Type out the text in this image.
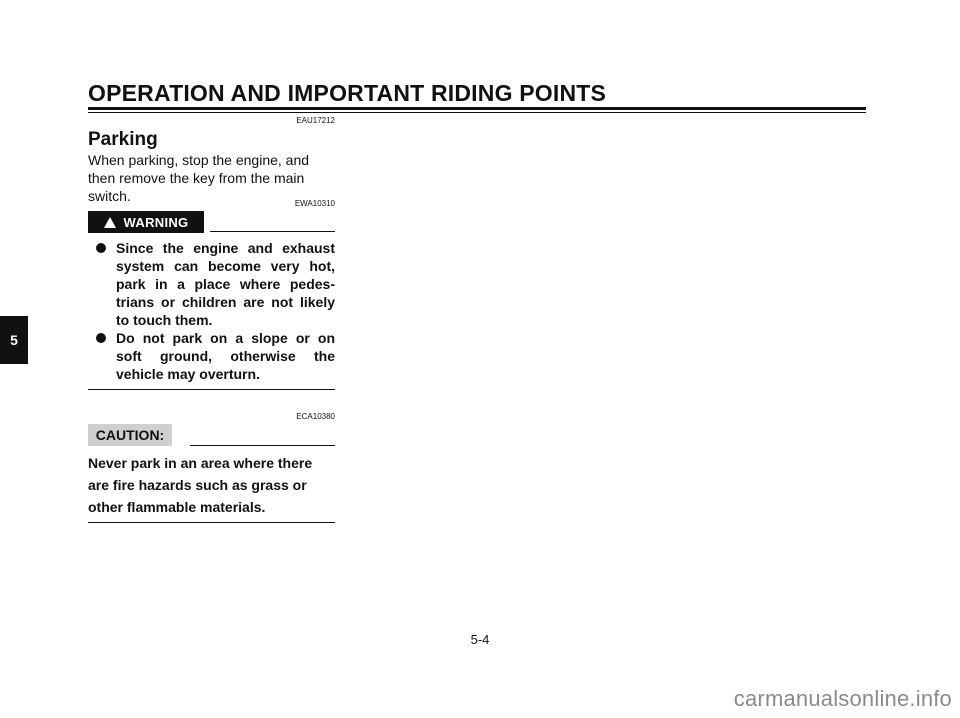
OPERATION AND IMPORTANT RIDING POINTS
5
EAU17212
Parking

When parking, stop the engine, and

then remove the key from the main

switch.	EWA10310
WARNING
Since the engine and exhaust system can become very hot, park in a place where pedes-trians or children are not likely to touch them.
Do not park on a slope or on soft ground, otherwise the vehicle may overturn.
ECA10380
CAUTION:
Never park in an area where there
are fire hazards such as grass or
other flammable materials.
5-4
carmanualsonline.info
